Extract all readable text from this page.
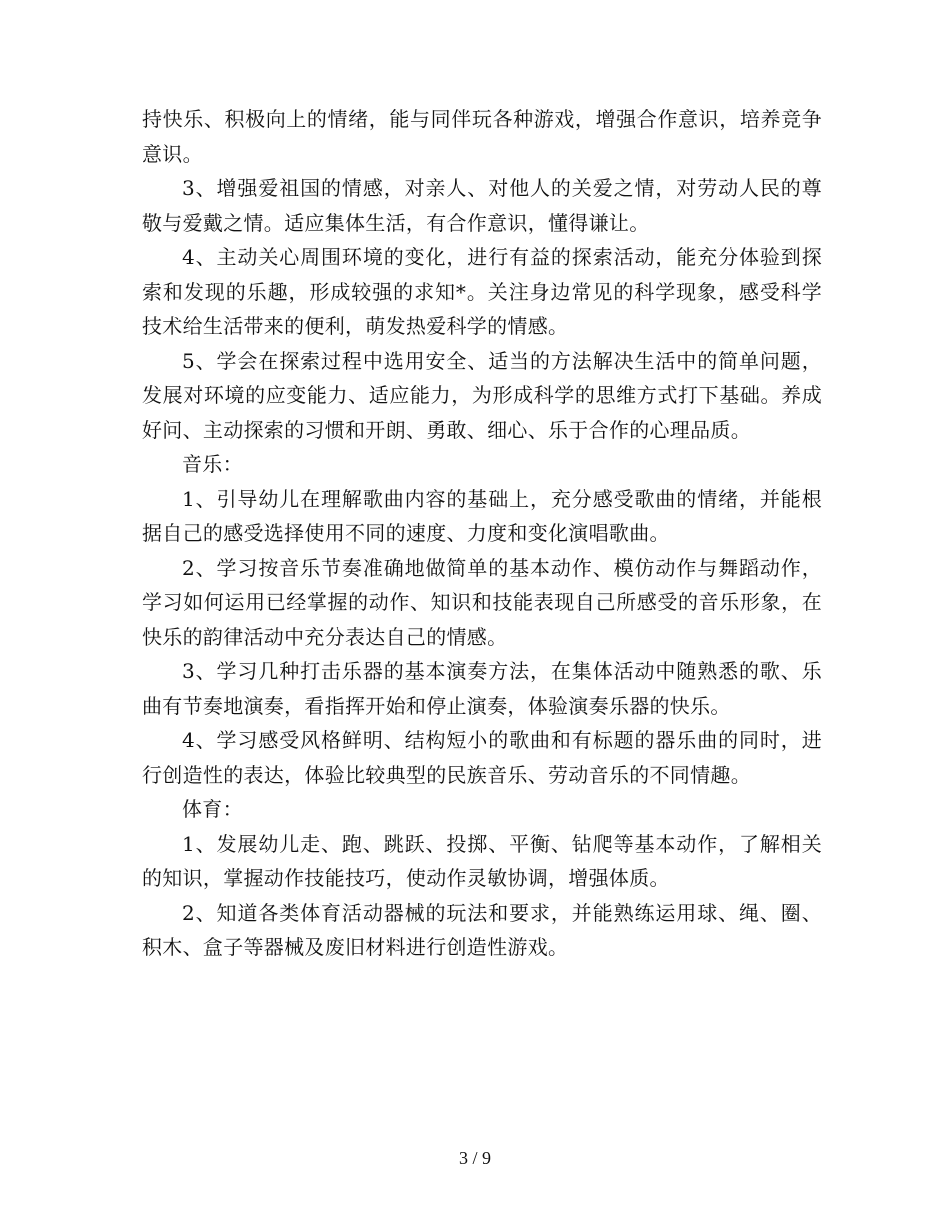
持快乐、积极向上的情绪，能与同伴玩各种游戏，增强合作意识，培养竞争意识。

3、增强爱祖国的情感，对亲人、对他人的关爱之情，对劳动人民的尊敬与爱戴之情。适应集体生活，有合作意识，懂得谦让。

4、主动关心周围环境的变化，进行有益的探索活动，能充分体验到探索和发现的乐趣，形成较强的求知*。关注身边常见的科学现象，感受科学技术给生活带来的便利，萌发热爱科学的情感。

5、学会在探索过程中选用安全、适当的方法解决生活中的简单问题，发展对环境的应变能力、适应能力，为形成科学的思维方式打下基础。养成好问、主动探索的习惯和开朗、勇敢、细心、乐于合作的心理品质。

音乐：

1、引导幼儿在理解歌曲内容的基础上，充分感受歌曲的情绪，并能根据自己的感受选择使用不同的速度、力度和变化演唱歌曲。

2、学习按音乐节奏准确地做简单的基本动作、模仿动作与舞蹈动作，学习如何运用已经掌握的动作、知识和技能表现自己所感受的音乐形象，在快乐的韵律活动中充分表达自己的情感。

3、学习几种打击乐器的基本演奏方法，在集体活动中随熟悉的歌、乐曲有节奏地演奏，看指挥开始和停止演奏，体验演奏乐器的快乐。

4、学习感受风格鲜明、结构短小的歌曲和有标题的器乐曲的同时，进行创造性的表达，体验比较典型的民族音乐、劳动音乐的不同情趣。

体育：

1、发展幼儿走、跑、跳跃、投掷、平衡、钻爬等基本动作，了解相关的知识，掌握动作技能技巧，使动作灵敏协调，增强体质。

2、知道各类体育活动器械的玩法和要求，并能熟练运用球、绳、圈、积木、盒子等器械及废旧材料进行创造性游戏。

3 / 9
